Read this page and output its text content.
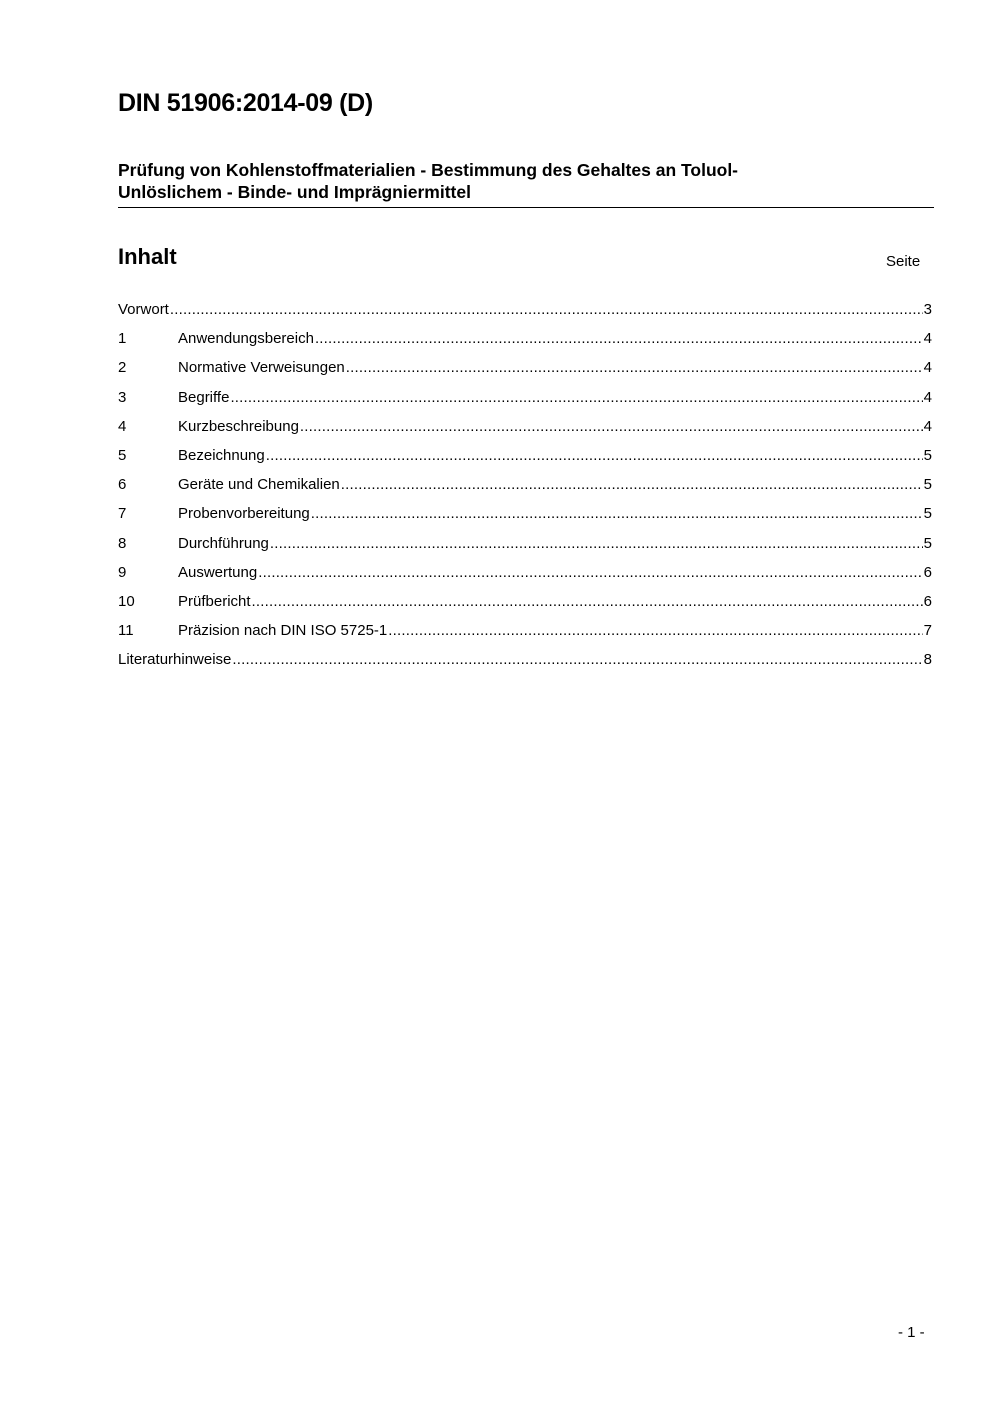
DIN 51906:2014-09 (D)
Prüfung von Kohlenstoffmaterialien - Bestimmung des Gehaltes an Toluol-
Unlöslichem - Binde- und Imprägniermittel
Inhalt	Seite
Vorwort .....	3
1	Anwendungsbereich .....	4
2	Normative Verweisungen .....	4
3	Begriffe .....	4
4	Kurzbeschreibung .....	4
5	Bezeichnung .....	5
6	Geräte und Chemikalien .....	5
7	Probenvorbereitung .....	5
8	Durchführung .....	5
9	Auswertung .....	6
10	Prüfbericht .....	6
11	Präzision nach DIN ISO 5725-1 .....	7
Literaturhinweise .....	8
- 1 -
